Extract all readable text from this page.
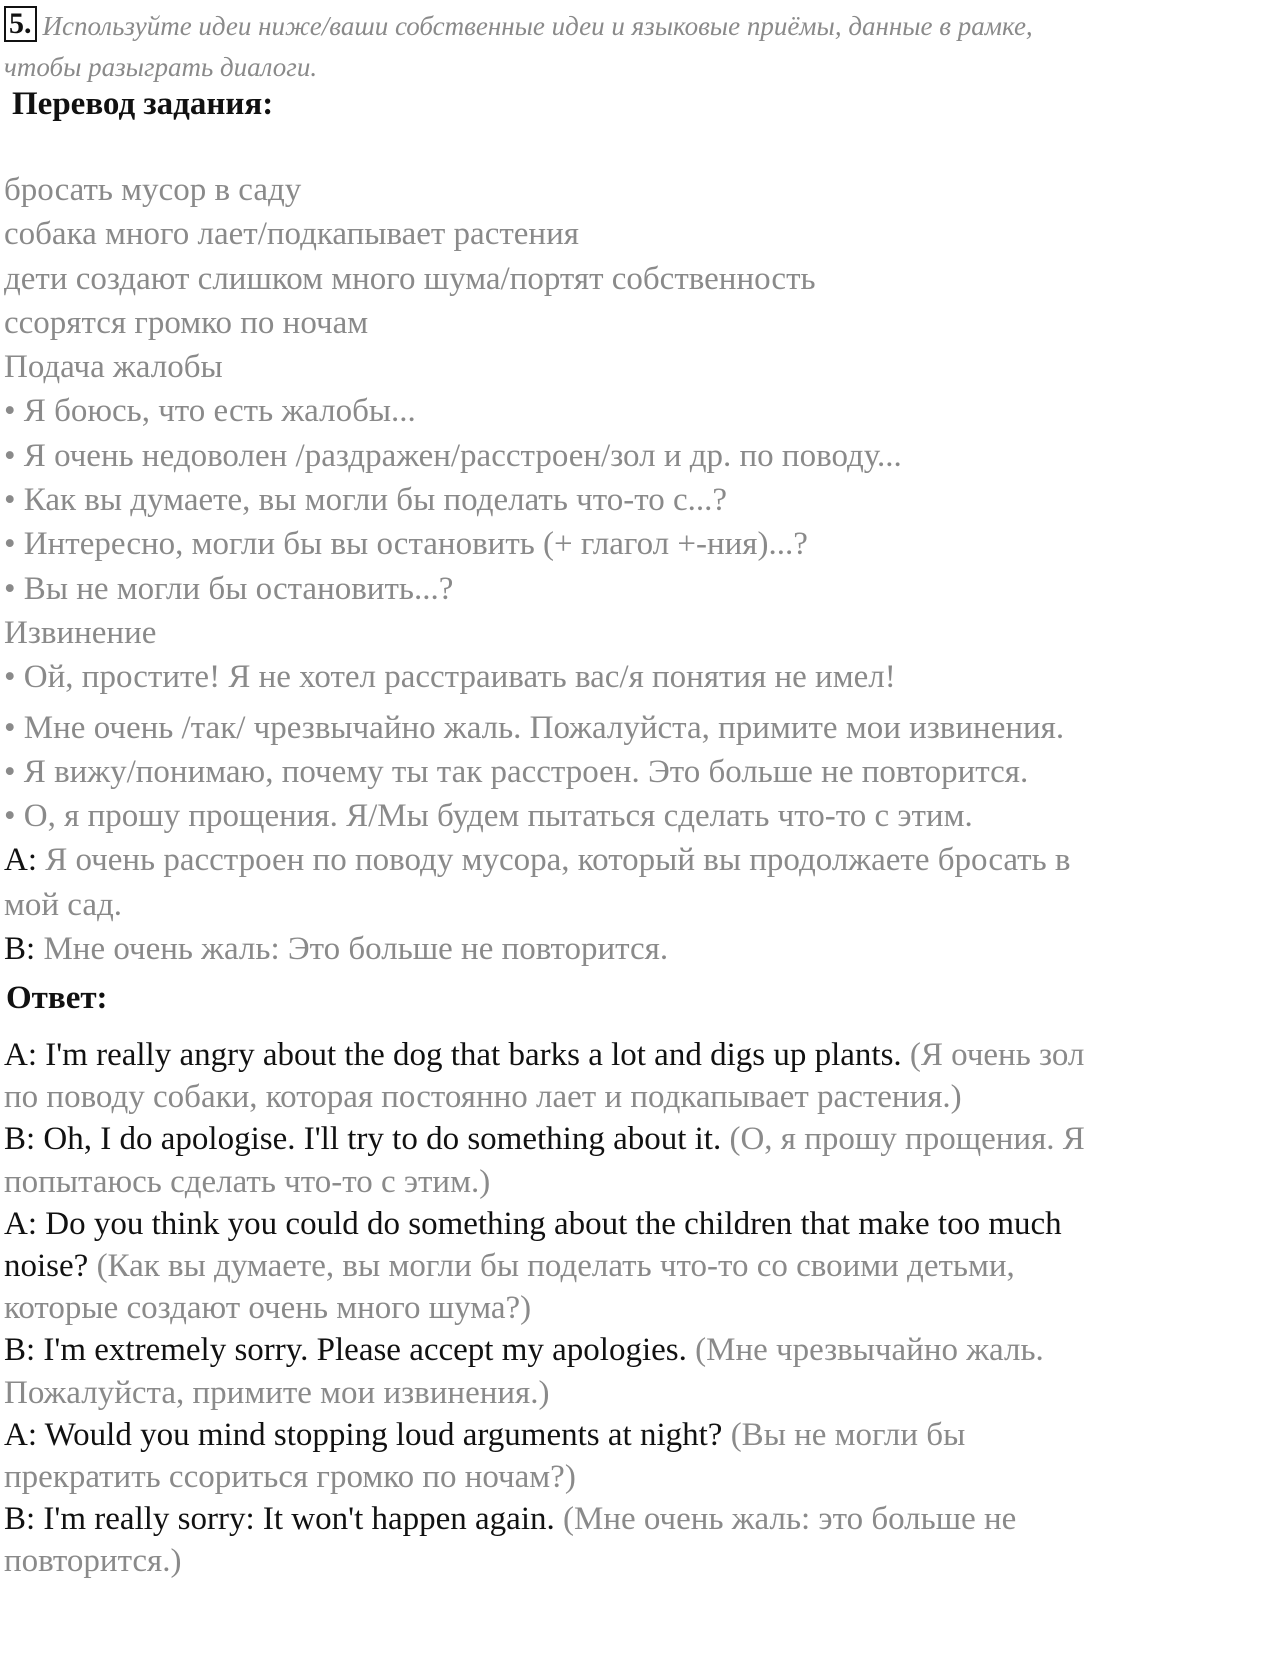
5. Используйте идеи ниже/ваши собственные идеи и языковые приёмы, данные в рамке,
чтобы разыграть диалоги.
Перевод задания:
бросать мусор в саду
собака много лает/подкапывает растения
дети создают слишком много шума/портят собственность
ссорятся громко по ночам
Подача жалобы
• Я боюсь, что есть жалобы...
• Я очень недоволен /раздражен/расстроен/зол и др. по поводу...
• Как вы думаете, вы могли бы поделать что-то с...?
• Интересно, могли бы вы остановить (+ глагол +-ния)...?
• Вы не могли бы остановить...?
Извинение
• Ой, простите! Я не хотел расстраивать вас/я понятия не имел!
• Мне очень /так/ чрезвычайно жаль. Пожалуйста, примите мои извинения.
• Я вижу/понимаю, почему ты так расстроен. Это больше не повторится.
• О, я прошу прощения. Я/Мы будем пытаться сделать что-то с этим.
A: Я очень расстроен по поводу мусора, который вы продолжаете бросать в
мой сад.
B: Мне очень жаль: Это больше не повторится.
Ответ:
A: I'm really angry about the dog that barks a lot and digs up plants. (Я очень зол
по поводу собаки, которая постоянно лает и подкапывает растения.)
B: Oh, I do apologise. I'll try to do something about it. (О, я прошу прощения. Я
попытаюсь сделать что-то с этим.)
A: Do you think you could do something about the children that make too much
noise? (Как вы думаете, вы могли бы поделать что-то со своими детьми,
которые создают очень много шума?)
B: I'm extremely sorry. Please accept my apologies. (Мне чрезвычайно жаль.
Пожалуйста, примите мои извинения.)
A: Would you mind stopping loud arguments at night? (Вы не могли бы
прекратить ссориться громко по ночам?)
B: I'm really sorry: It won't happen again. (Мне очень жаль: это больше не
повторится.)
